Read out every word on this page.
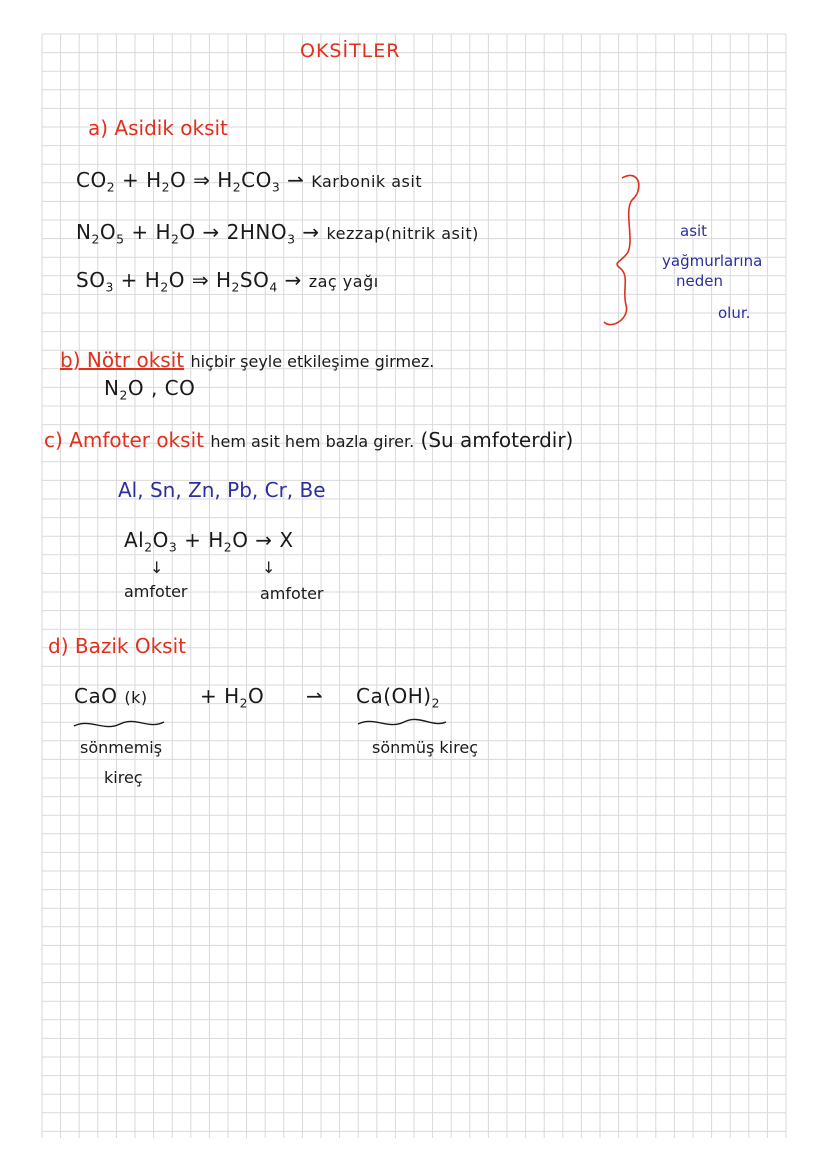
OKSİTLER
a) Asidik oksit
$CO_2 + H_2O$ ⇒ $H_2CO_3$ ⇀ Karbonik asit
$N_2O_5 + H_2O \to 2HNO_3$ → kezzap(nitrik asit)
$SO_3 + H_2O$ ⇒ $H_2SO_4$ → zaç yağı
asit
yağmurlarına
neden
olur.
b) Nötr oksit hiçbir şeyle etkileşime girmez.
$N_2O$ , CO
c) Amfoter oksit hem asit hem bazla girer. (Su amfoterdir)
Al, Sn, Zn, Pb, Cr, Be
$Al_2O_3 + H_2O \to X$
↓	↓
amfoter	amfoter
d) Bazik Oksit
CaO (k)	+ $H_2O$ ⇀ $Ca(OH)_2$
sönmemiş
kireç
sönmüş kireç
